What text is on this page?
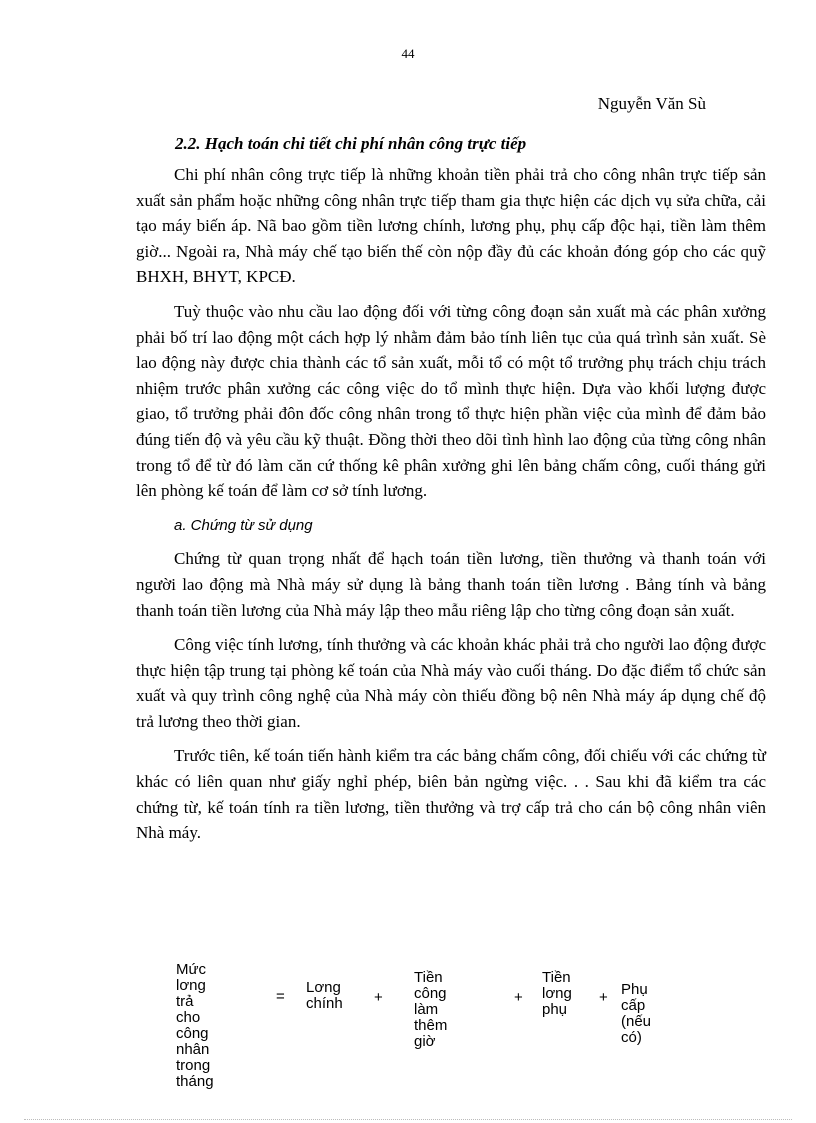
44
Nguyễn Văn Sù
2.2. Hạch toán chi tiết chi phí nhân công trực tiếp

Chi phí nhân công trực tiếp là những khoản tiền phải trả cho công nhân trực tiếp sản xuất sản phẩm hoặc những công nhân trực tiếp tham gia thực hiện các dịch vụ sửa chữa, cải tạo máy biến áp. Nã bao gồm tiền lương chính, lương phụ, phụ cấp độc hại, tiền làm thêm giờ... Ngoài ra, Nhà máy chế tạo biến thế còn nộp đầy đủ các khoản đóng góp cho các quỹ BHXH, BHYT, KPCĐ.

Tuỳ thuộc vào nhu cầu lao động đối với từng công đoạn sản xuất mà các phân xưởng phải bố trí lao động một cách hợp lý nhằm đảm bảo tính liên tục của quá trình sản xuất. Sè lao động này được chia thành các tổ sản xuất, mỗi tổ có một tổ trưởng phụ trách chịu trách nhiệm trước phân xưởng các công việc do tổ mình thực hiện. Dựa vào khối lượng được giao, tổ trưởng phải đôn đốc công nhân trong tổ thực hiện phần việc của mình để đảm bảo đúng tiến độ và yêu cầu kỹ thuật. Đồng thời theo dõi tình hình lao động của từng công nhân trong tổ để từ đó làm căn cứ thống kê phân xưởng ghi lên bảng chấm công, cuối tháng gửi lên phòng kế toán để làm cơ sở tính lương.

a. Chứng từ sử dụng

Chứng từ quan trọng nhất để hạch toán tiền lương, tiền thưởng và thanh toán với người lao động mà Nhà máy sử dụng là bảng thanh toán tiền lương . Bảng tính và bảng thanh toán tiền lương của Nhà máy lập theo mẫu riêng lập cho từng công đoạn sản xuất.

Công việc tính lương, tính thưởng và các khoản khác phải trả cho người lao động được thực hiện tập trung tại phòng kế toán của Nhà máy vào cuối tháng. Do đặc điểm tổ chức sản xuất và quy trình công nghệ của Nhà máy còn thiếu đồng bộ nên Nhà máy áp dụng chế độ trả lương theo thời gian.

Trước tiên, kế toán tiến hành kiểm tra các bảng chấm công, đối chiếu với các chứng từ khác có liên quan như giấy nghỉ phép, biên bản ngừng việc. . . Sau khi đã kiểm tra các chứng từ, kế toán tính ra tiền lương, tiền thưởng và trợ cấp trả cho cán bộ công nhân viên Nhà máy.

Mức lơng
trả cho
công nhân
trong tháng
=
Lơng
chính +
Tiền công
làm thêm
giờ
+
Tiền
lơng
phụ
+ Phụ cấp
(nếu có)
